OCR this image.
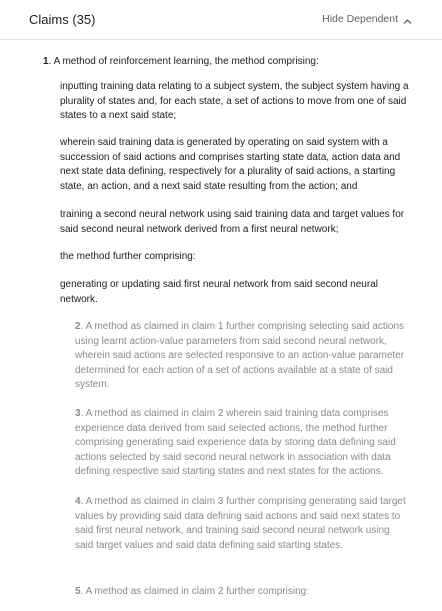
Claims (35)	Hide Dependent
1. A method of reinforcement learning, the method comprising:
inputting training data relating to a subject system, the subject system having a plurality of states and, for each state, a set of actions to move from one of said states to a next said state;
wherein said training data is generated by operating on said system with a succession of said actions and comprises starting state data, action data and next state data defining, respectively for a plurality of said actions, a starting state, an action, and a next said state resulting from the action; and
training a second neural network using said training data and target values for said second neural network derived from a first neural network;
the method further comprising:
generating or updating said first neural network from said second neural network.
2. A method as claimed in claim 1 further comprising selecting said actions using learnt action-value parameters from said second neural network, wherein said actions are selected responsive to an action-value parameter determined for each action of a set of actions available at a state of said system.
3. A method as claimed in claim 2 wherein said training data comprises experience data derived from said selected actions, the method further comprising generating said experience data by storing data defining said actions selected by said second neural network in association with data defining respective said starting states and next states for the actions.
4. A method as claimed in claim 3 further comprising generating said target values by providing said data defining said actions and said next states to said first neural network, and training said second neural network using said target values and said data defining said starting states.
5. A method as claimed in claim 2 further comprising:
